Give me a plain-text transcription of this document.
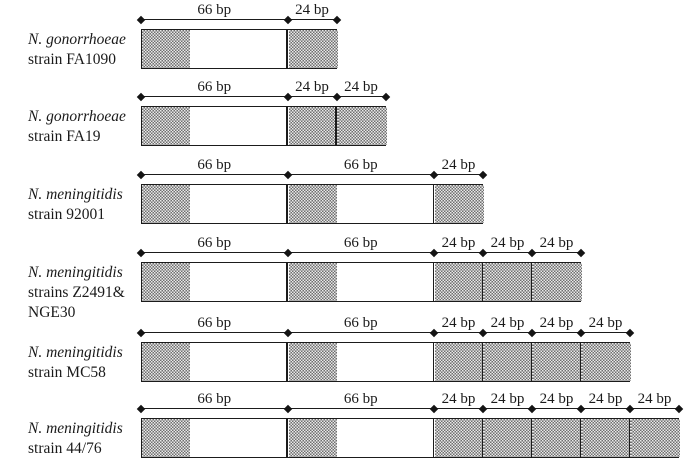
N. gonorrhoeae
strain FA1090
66 bp	24 bp
N. gonorrhoeae
strain FA19
66 bp	24 bp 24 bp
N. meningitidis
strain 92001
66 bp	66 bp	24 bp
N. meningitidis
strains Z2491&
NGE30
66 bp	66 bp	24 bp 24 bp 24 bp
N. meningitidis
strain MC58
66 bp	66 bp	24 bp 24 bp 24 bp 24 bp
N. meningitidis
strain 44/76
66 bp	66 bp	24 bp 24 bp 24 bp 24 bp 24 bp
